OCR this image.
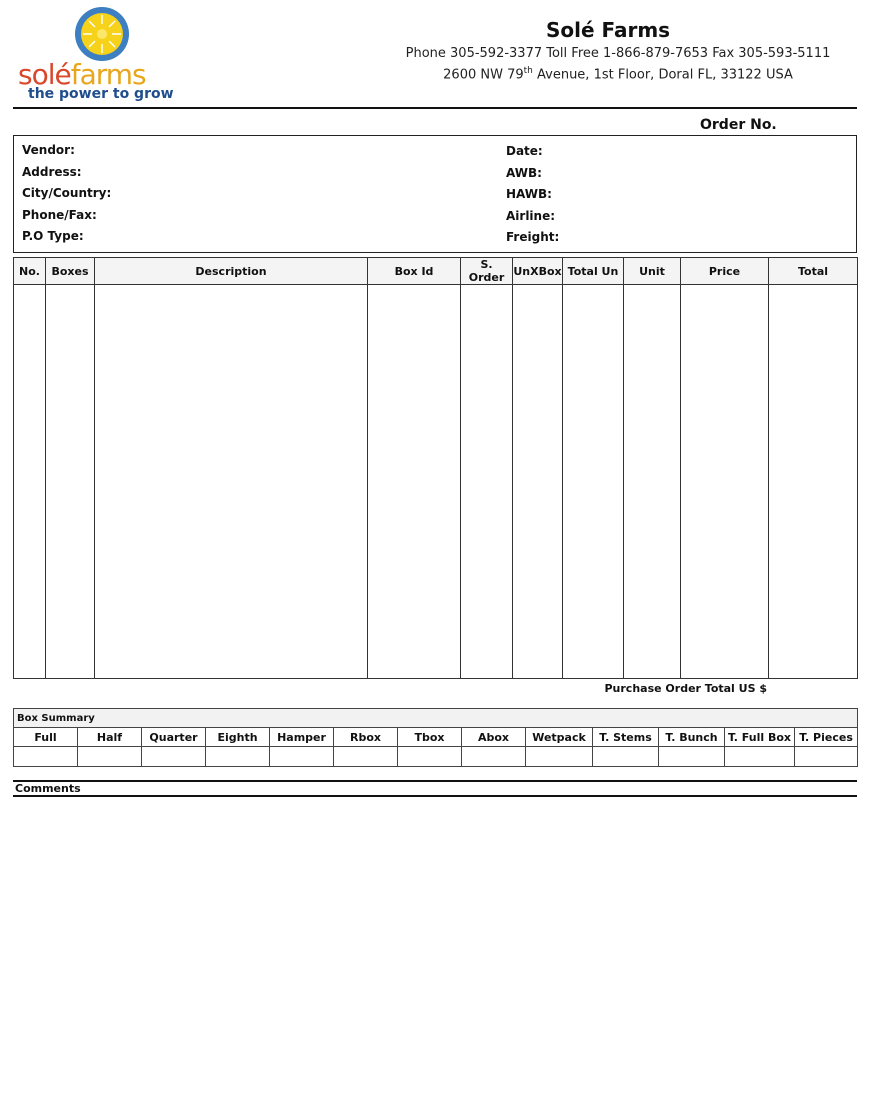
soléfarms
the power to grow
Solé Farms
Phone 305-592-3377 Toll Free 1-866-879-7653 Fax 305-593-5111
2600 NW 79th Avenue, 1st Floor, Doral FL, 33122 USA
Order No.
Vendor:
Address:
City/Country:
Phone/Fax:
P.O Type:
Date:
AWB:
HAWB:
Airline:
Freight:
No.	Boxes	Description	Box Id	S. Order	UnXBox	Total Un	Unit	Price	Total

Purchase Order Total US $
Box Summary												
Full	Half	Quarter	Eighth	Hamper	Rbox	Tbox	Abox	Wetpack	T. Stems	T. Bunch	T. Full Box	T. Pieces

Comments
